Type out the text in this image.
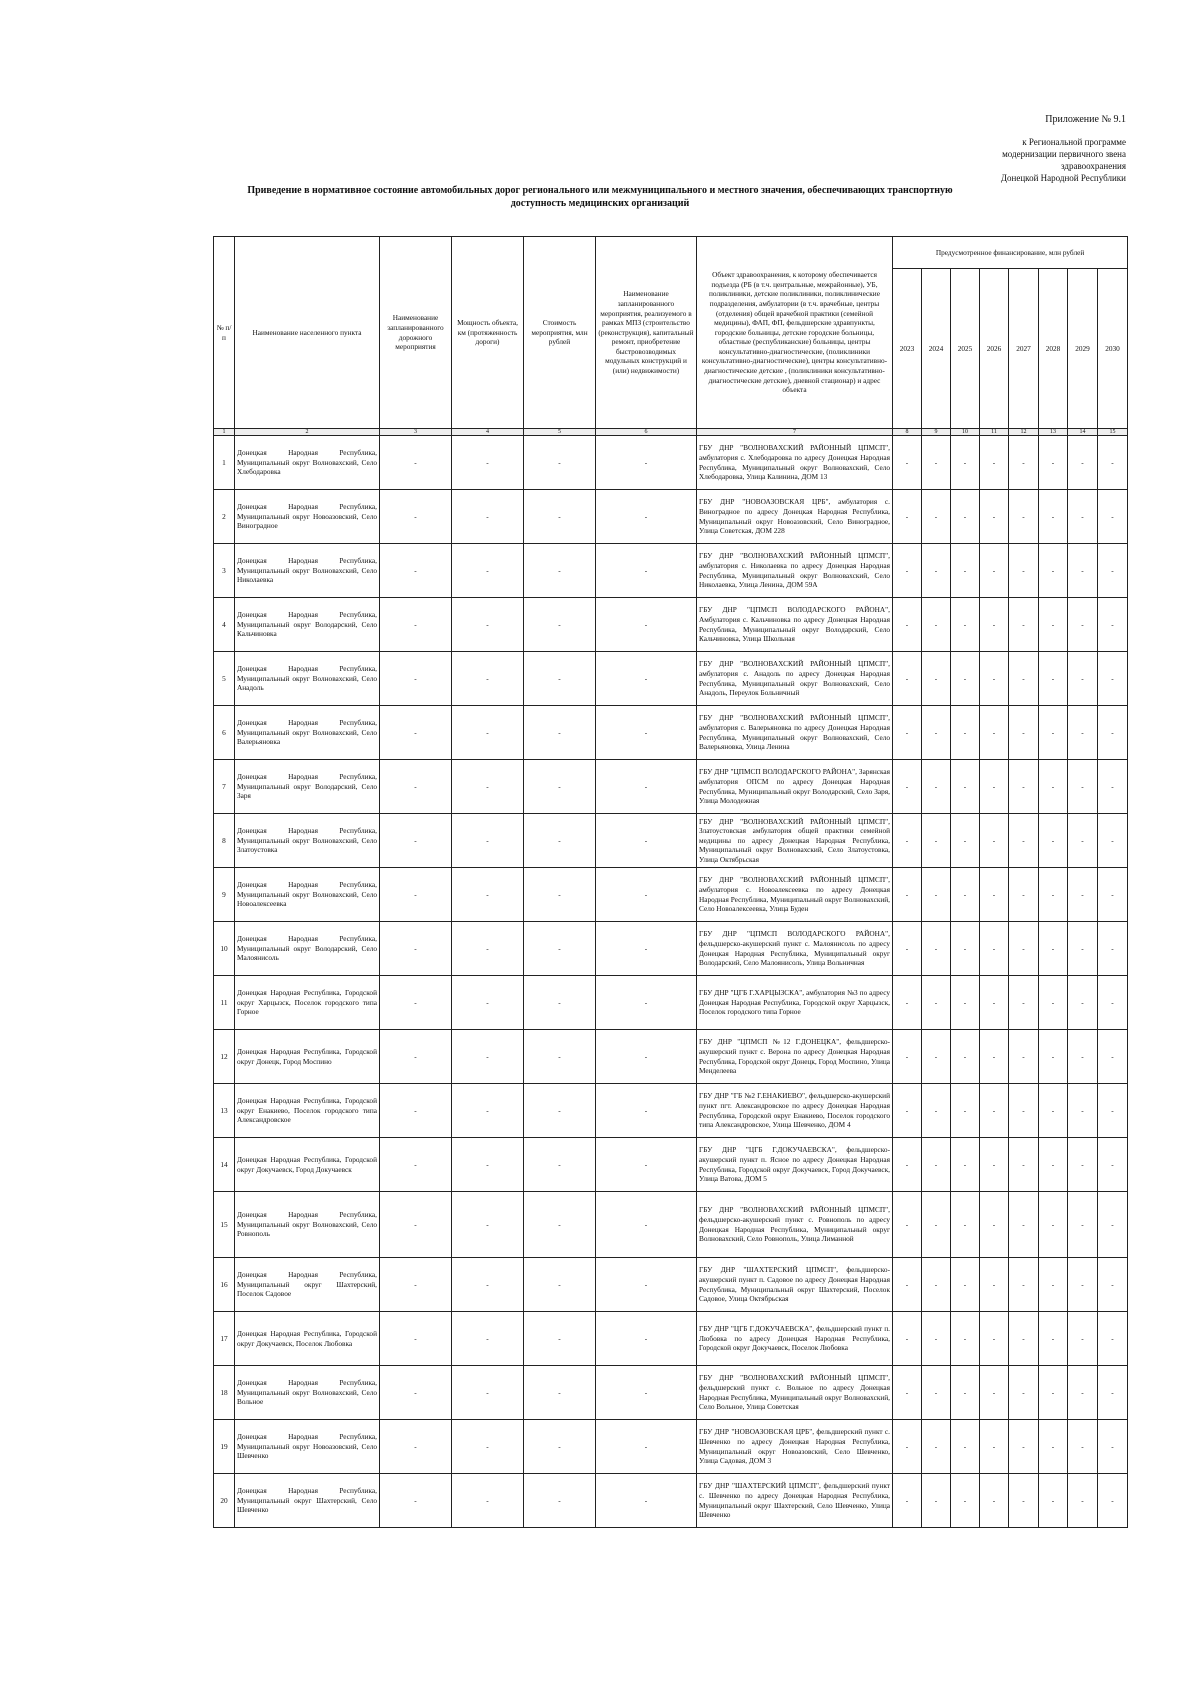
Приложение № 9.1
к Региональной программе
модернизации первичного звена
здравоохранения
Донецкой Народной Республики
Приведение в нормативное состояние автомобильных дорог регионального или межмуниципального и местного значения, обеспечивающих транспортную доступность медицинских организаций
№ п/п	Наименование населенного пункта	Наименование запланированного дорожного мероприятия	Мощность объекта, км (протяженность дороги)	Стоимость мероприятия, млн рублей	Наименование запланированного мероприятия, реализуемого в рамках МПЗ (строительство (реконструкция), капитальный ремонт, приобретение быстровозводимых модульных конструкций и (или) недвижимости)	Объект здравоохранения, к которому обеспечивается подъезда (РБ (в т.ч. центральные, межрайонные), УБ, поликлиники, детские поликлиники, поликлинические подразделения, амбулатории (в т.ч. врачебные, центры (отделения) общей врачебной практики (семейной медицины), ФАП, ФП, фельдшерские здравпункты, городские больницы, детские городские больницы, областные (республиканские) больницы, центры консультативно-диагностические, (поликлиники консультативно-диагностические), центры консультативно-диагностические детские , (поликлиники консультативно-диагностические детские), дневной стационар) и адрес объекта	Предусмотренное финансирование, млн рублей							
							2023	2024	2025	2026	2027	2028	2029	2030
1	2	3	4	5	6	7	8	9	10	11	12	13	14	15
1	Донецкая Народная Республика, Муниципальный округ Волновахский, Село Хлебодаровка	-	-	-	-	ГБУ ДНР "ВОЛНОВАХСКИЙ РАЙОННЫЙ ЦПМСП", амбулатория с. Хлебодаровка по адресу Донецкая Народная Республика, Муниципальный округ Волновахский, Село Хлебодаровка, Улица Калинина, ДОМ 13	-	-	-	-	-	-	-	-
2	Донецкая Народная Республика, Муниципальный округ Новоазовский, Село Виноградное	-	-	-	-	ГБУ ДНР "НОВОАЗОВСКАЯ ЦРБ", амбулатория с. Виноградное по адресу Донецкая Народная Республика, Муниципальный округ Новоазовский, Село Виноградное, Улица Советская, ДОМ 228	-	-	-	-	-	-	-	-
3	Донецкая Народная Республика, Муниципальный округ Волновахский, Село Николаевка	-	-	-	-	ГБУ ДНР "ВОЛНОВАХСКИЙ РАЙОННЫЙ ЦПМСП", амбулатория с. Николаевка по адресу Донецкая Народная Республика, Муниципальный округ Волновахский, Село Николаевка, Улица Ленина, ДОМ 59А	-	-	-	-	-	-	-	-
4	Донецкая Народная Республика, Муниципальный округ Володарский, Село Кальчиновка	-	-	-	-	ГБУ ДНР "ЦПМСП ВОЛОДАРСКОГО РАЙОНА", Амбулатория с. Кальчиновка по адресу Донецкая Народная Республика, Муниципальный округ Володарский, Село Кальчиновка, Улица Школьная	-	-	-	-	-	-	-	-
5	Донецкая Народная Республика, Муниципальный округ Волновахский, Село Анадоль	-	-	-	-	ГБУ ДНР "ВОЛНОВАХСКИЙ РАЙОННЫЙ ЦПМСП", амбулатория с. Анадоль по адресу Донецкая Народная Республика, Муниципальный округ Волновахский, Село Анадоль, Переулок Больничный	-	-	-	-	-	-	-	-
6	Донецкая Народная Республика, Муниципальный округ Волновахский, Село Валерьяновка	-	-	-	-	ГБУ ДНР "ВОЛНОВАХСКИЙ РАЙОННЫЙ ЦПМСП", амбулатория с. Валерьяновка по адресу Донецкая Народная Республика, Муниципальный округ Волновахский, Село Валерьяновка, Улица Ленина	-	-	-	-	-	-	-	-
7	Донецкая Народная Республика, Муниципальный округ Володарский, Село Заря	-	-	-	-	ГБУ ДНР "ЦПМСП ВОЛОДАРСКОГО РАЙОНА", Зарянская амбулатория ОПСМ по адресу Донецкая Народная Республика, Муниципальный округ Володарский, Село Заря, Улица Молодежная	-	-	-	-	-	-	-	-
8	Донецкая Народная Республика, Муниципальный округ Волновахский, Село Златоустовка	-	-	-	-	ГБУ ДНР "ВОЛНОВАХСКИЙ РАЙОННЫЙ ЦПМСП", Златоустовская амбулатория общей практики семейной медицины по адресу Донецкая Народная Республика, Муниципальный округ Волновахский, Село Златоустовка, Улица Октябрьская	-	-	-	-	-	-	-	-
9	Донецкая Народная Республика, Муниципальный округ Волновахский, Село Новоалексеевка	-	-	-	-	ГБУ ДНР "ВОЛНОВАХСКИЙ РАЙОННЫЙ ЦПМСП", амбулатория с. Новоалексеевка по адресу Донецкая Народная Республика, Муниципальный округ Волновахский, Село Новоалексеевка, Улица Буден	-	-	-	-	-	-	-	-
10	Донецкая Народная Республика, Муниципальный округ Володарский, Село Малоянисоль	-	-	-	-	ГБУ ДНР "ЦПМСП ВОЛОДАРСКОГО РАЙОНА", фельдшерско-акушерский пункт с. Малоянисоль по адресу Донецкая Народная Республика, Муниципальный округ Володарский, Село Малоянисоль, Улица Вольничная	-	-	-	-	-	-	-	-
11	Донецкая Народная Республика, Городской округ Харцызск, Поселок городского типа Горное	-	-	-	-	ГБУ ДНР "ЦГБ Г.ХАРЦЫЗСКА", амбулатория №3 по адресу Донецкая Народная Республика, Городской округ Харцызск, Поселок городского типа Горное	-	-	-	-	-	-	-	-
12	Донецкая Народная Республика, Городской округ Донецк, Город Моспино	-	-	-	-	ГБУ ДНР "ЦПМСП №12 Г.ДОНЕЦКА", фельдшерско-акушерский пункт с. Верона по адресу Донецкая Народная Республика, Городской округ Донецк, Город Моспино, Улица Менделеева	-	-	-	-	-	-	-	-
13	Донецкая Народная Республика, Городской округ Енакиево, Поселок городского типа Александровское	-	-	-	-	ГБУ ДНР "ГБ №2 Г.ЕНАКИЕВО", фельдшерско-акушерский пункт пгт. Александровское по адресу Донецкая Народная Республика, Городской округ Енакиево, Поселок городского типа Александровское, Улица Шевченко, ДОМ 4	-	-	-	-	-	-	-	-
14	Донецкая Народная Республика, Городской округ Докучаевск, Город Докучаевск	-	-	-	-	ГБУ ДНР "ЦГБ Г.ДОКУЧАЕВСКА", фельдшерско-акушерский пункт п. Ясное по адресу Донецкая Народная Республика, Городской округ Докучаевск, Город Докучаевск, Улица Ватова, ДОМ 5	-	-	-	-	-	-	-	-
15	Донецкая Народная Республика, Муниципальный округ Волновахский, Село Ровнополь	-	-	-	-	ГБУ ДНР "ВОЛНОВАХСКИЙ РАЙОННЫЙ ЦПМСП", фельдшерско-акушерский пункт с. Ровнополь по адресу Донецкая Народная Республика, Муниципальный округ Волновахский, Село Ровнополь, Улица Лиманной	-	-	-	-	-	-	-	-
16	Донецкая Народная Республика, Муниципальный округ Шахтерский, Поселок Садовое	-	-	-	-	ГБУ ДНР "ШАХТЕРСКИЙ ЦПМСП", фельдшерско-акушерский пункт п. Садовое по адресу Донецкая Народная Республика, Муниципальный округ Шахтерский, Поселок Садовое, Улица Октябрьская	-	-	-	-	-	-	-	-
17	Донецкая Народная Республика, Городской округ Докучаевск, Поселок Любовка	-	-	-	-	ГБУ ДНР "ЦГБ Г.ДОКУЧАЕВСКА", фельдшерский пункт п. Любовка по адресу Донецкая Народная Республика, Городской округ Докучаевск, Поселок Любовка	-	-	-	-	-	-	-	-
18	Донецкая Народная Республика, Муниципальный округ Волновахский, Село Вольное	-	-	-	-	ГБУ ДНР "ВОЛНОВАХСКИЙ РАЙОННЫЙ ЦПМСП", фельдшерский пункт с. Вольное по адресу Донецкая Народная Республика, Муниципальный округ Волновахский, Село Вольное, Улица Советская	-	-	-	-	-	-	-	-
19	Донецкая Народная Республика, Муниципальный округ Новоазовский, Село Шевченко	-	-	-	-	ГБУ ДНР "НОВОАЗОВСКАЯ ЦРБ", фельдшерский пункт с. Шевченко по адресу Донецкая Народная Республика, Муниципальный округ Новоазовский, Село Шевченко, Улица Садовая, ДОМ 3	-	-	-	-	-	-	-	-
20	Донецкая Народная Республика, Муниципальный округ Шахтерский, Село Шевченко	-	-	-	-	ГБУ ДНР "ШАХТЕРСКИЙ ЦПМСП", фельдшерский пункт с. Шевченко по адресу Донецкая Народная Республика, Муниципальный округ Шахтерский, Село Шевченко, Улица Шевченко	-	-	-	-	-	-	-	-
